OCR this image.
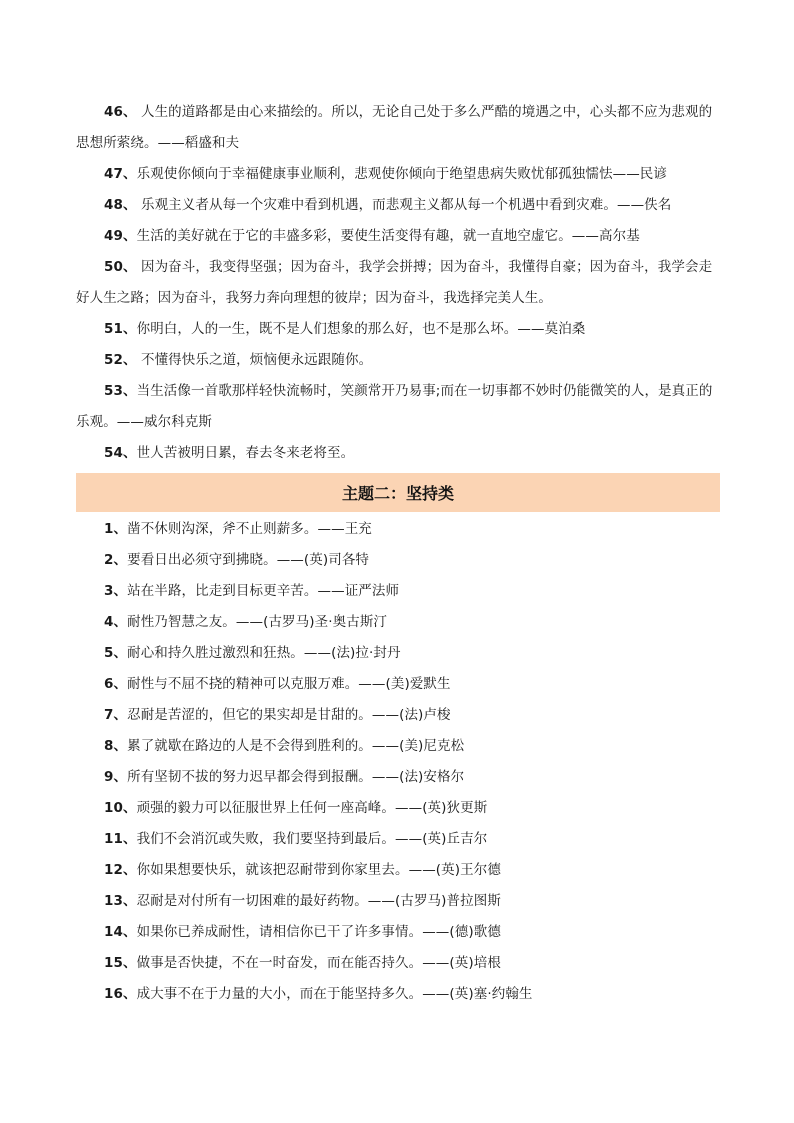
46、 人生的道路都是由心来描绘的。所以，无论自己处于多么严酷的境遇之中，心头都不应为悲观的思想所萦绕。——稻盛和夫

47、乐观使你倾向于幸福健康事业顺利，悲观使你倾向于绝望患病失败忧郁孤独懦怯——民谚

48、 乐观主义者从每一个灾难中看到机遇，而悲观主义都从每一个机遇中看到灾难。——佚名

49、生活的美好就在于它的丰盛多彩，要使生活变得有趣，就一直地空虚它。——高尔基

50、 因为奋斗，我变得坚强；因为奋斗，我学会拼搏；因为奋斗，我懂得自豪；因为奋斗，我学会走好人生之路；因为奋斗，我努力奔向理想的彼岸；因为奋斗，我选择完美人生。

51、你明白，人的一生，既不是人们想象的那么好，也不是那么坏。——莫泊桑

52、 不懂得快乐之道，烦恼便永远跟随你。

53、当生活像一首歌那样轻快流畅时，笑颜常开乃易事;而在一切事都不妙时仍能微笑的人，是真正的乐观。——威尔科克斯

54、世人苦被明日累，春去冬来老将至。

主题二：坚持类

1、凿不休则沟深，斧不止则薪多。——王充

2、要看日出必须守到拂晓。——(英)司各特

3、站在半路，比走到目标更辛苦。——证严法师

4、耐性乃智慧之友。——(古罗马)圣·奥古斯汀

5、耐心和持久胜过激烈和狂热。——(法)拉·封丹

6、耐性与不屈不挠的精神可以克服万难。——(美)爱默生

7、忍耐是苦涩的，但它的果实却是甘甜的。——(法)卢梭

8、累了就歇在路边的人是不会得到胜利的。——(美)尼克松

9、所有坚韧不拔的努力迟早都会得到报酬。——(法)安格尔

10、顽强的毅力可以征服世界上任何一座高峰。——(英)狄更斯

11、我们不会消沉或失败，我们要坚持到最后。——(英)丘吉尔

12、你如果想要快乐，就该把忍耐带到你家里去。——(英)王尔德

13、忍耐是对付所有一切困难的最好药物。——(古罗马)普拉图斯

14、如果你已养成耐性，请相信你已干了许多事情。——(德)歌德

15、做事是否快捷，不在一时奋发，而在能否持久。——(英)培根

16、成大事不在于力量的大小，而在于能坚持多久。——(英)塞·约翰生
